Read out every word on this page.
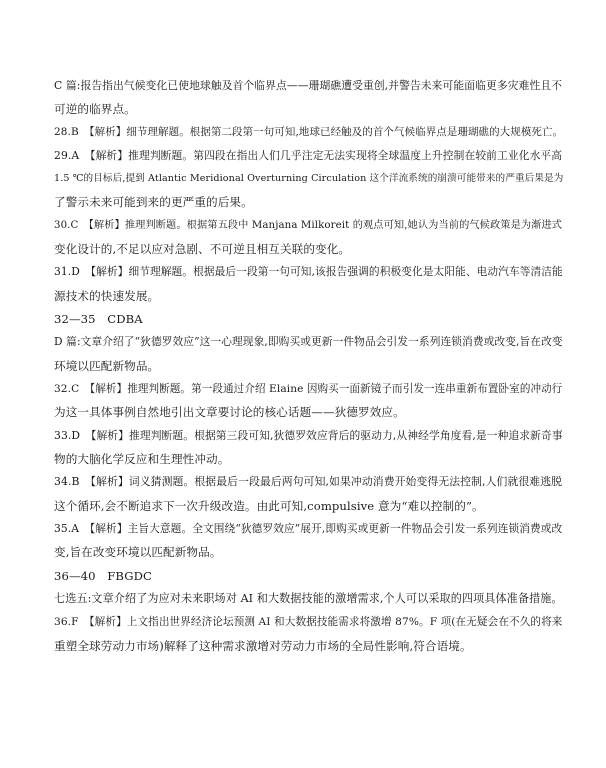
C 篇:报告指出气候变化已使地球触及首个临界点——珊瑚礁遭受重创,并警告未来可能面临更多灾难性且不
可逆的临界点。
28.B　【解析】细节理解题。根据第二段第一句可知,地球已经触及的首个气候临界点是珊瑚礁的大规模死亡。
29.A　【解析】推理判断题。第四段在指出人们几乎注定无法实现将全球温度上升控制在较前工业化水平高
1.5 ℃的目标后,提到 Atlantic Meridional Overturning Circulation 这个洋流系统的崩溃可能带来的严重后果是为
了警示未来可能到来的更严重的后果。
30.C　【解析】推理判断题。根据第五段中 Manjana Milkoreit 的观点可知,她认为当前的气候政策是为渐进式
变化设计的,不足以应对急剧、不可逆且相互关联的变化。
31.D　【解析】细节理解题。根据最后一段第一句可知,该报告强调的积极变化是太阳能、电动汽车等清洁能
源技术的快速发展。
32—35　CDBA
D 篇:文章介绍了“狄德罗效应”这一心理现象,即购买或更新一件物品会引发一系列连锁消费或改变,旨在改变
环境以匹配新物品。
32.C　【解析】推理判断题。第一段通过介绍 Elaine 因购买一面新镜子而引发一连串重新布置卧室的冲动行
为这一具体事例自然地引出文章要讨论的核心话题——狄德罗效应。
33.D　【解析】推理判断题。根据第三段可知,狄德罗效应背后的驱动力,从神经学角度看,是一种追求新奇事
物的大脑化学反应和生理性冲动。
34.B　【解析】词义猜测题。根据最后一段最后两句可知,如果冲动消费开始变得无法控制,人们就很难逃脱
这个循环,会不断追求下一次升级改造。由此可知,compulsive 意为“难以控制的”。
35.A　【解析】主旨大意题。全文围绕“狄德罗效应”展开,即购买或更新一件物品会引发一系列连锁消费或改
变,旨在改变环境以匹配新物品。
36—40　FBGDC
七选五:文章介绍了为应对未来职场对 AI 和大数据技能的激增需求,个人可以采取的四项具体准备措施。
36.F　【解析】上文指出世界经济论坛预测 AI 和大数据技能需求将激增 87%。F 项(在无疑会在不久的将来
重塑全球劳动力市场)解释了这种需求激增对劳动力市场的全局性影响,符合语境。
